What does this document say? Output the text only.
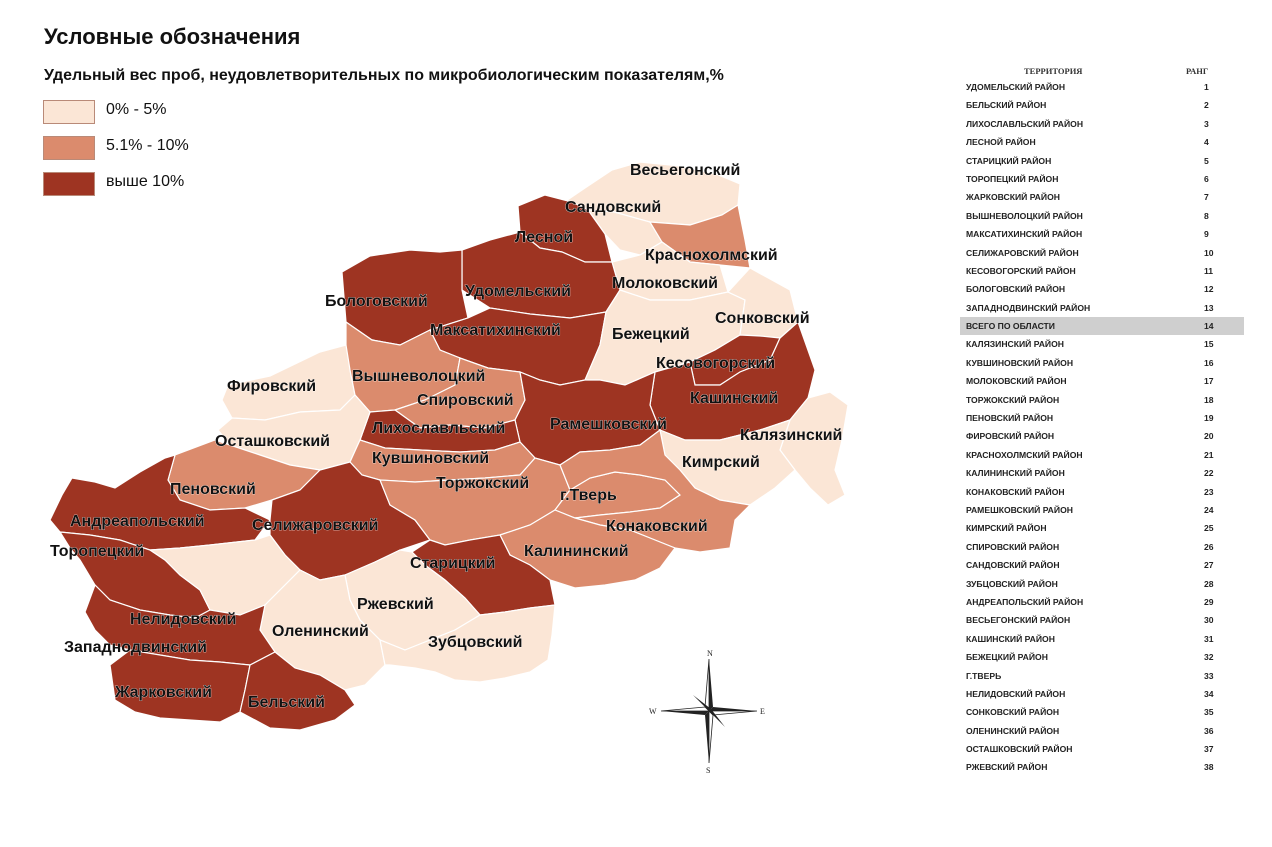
Условные обозначения
Удельный вес проб, неудовлетворительных по микробиологическим показателям,%
0% - 5%
5.1% - 10%
выше 10%
Весьегонский
Сандовский
Лесной
Краснохолмский
Удомельский
Бологовский
Молоковский
Максатихинский	Бежецкий
Сонковский
Кесовогорский
Фировский
Вышневолоцкий
Спировский	Кашинский
Калязинский
Осташковский
Лихославльский	Рамешковский
Кувшиновский	Кимрский
Пеновский	Торжокский
г.Тверь
Андреапольский	Селижаровский	Конаковский
Торопецкий
Старицкий
Калининский
Нелидовский
Ржевский
Оленинский
Западнодвинский	Зубцовский
Жарковский
Бельский
N
S
W	E
ТЕРРИТОРИЯ	РАНГ
УДОМЕЛЬСКИЙ РАЙОН	1
БЕЛЬСКИЙ РАЙОН	2
ЛИХОСЛАВЛЬСКИЙ РАЙОН	3
ЛЕСНОЙ РАЙОН	4
СТАРИЦКИЙ РАЙОН	5
ТОРОПЕЦКИЙ РАЙОН	6
ЖАРКОВСКИЙ РАЙОН	7
ВЫШНЕВОЛОЦКИЙ РАЙОН	8
МАКСАТИХИНСКИЙ РАЙОН	9
СЕЛИЖАРОВСКИЙ РАЙОН	10
КЕСОВОГОРСКИЙ РАЙОН	11
БОЛОГОВСКИЙ РАЙОН	12
ЗАПАДНОДВИНСКИЙ РАЙОН	13
ВСЕГО ПО ОБЛАСТИ	14
КАЛЯЗИНСКИЙ РАЙОН	15
КУВШИНОВСКИЙ РАЙОН	16
МОЛОКОВСКИЙ РАЙОН	17
ТОРЖОКСКИЙ РАЙОН	18
ПЕНОВСКИЙ РАЙОН	19
ФИРОВСКИЙ РАЙОН	20
КРАСНОХОЛМСКИЙ РАЙОН	21
КАЛИНИНСКИЙ РАЙОН	22
КОНАКОВСКИЙ РАЙОН	23
РАМЕШКОВСКИЙ РАЙОН	24
КИМРСКИЙ РАЙОН	25
СПИРОВСКИЙ РАЙОН	26
САНДОВСКИЙ РАЙОН	27
ЗУБЦОВСКИЙ РАЙОН	28
АНДРЕАПОЛЬСКИЙ РАЙОН	29
ВЕСЬЕГОНСКИЙ РАЙОН	30
КАШИНСКИЙ РАЙОН	31
БЕЖЕЦКИЙ РАЙОН	32
Г.ТВЕРЬ	33
НЕЛИДОВСКИЙ РАЙОН	34
СОНКОВСКИЙ РАЙОН	35
ОЛЕНИНСКИЙ РАЙОН	36
ОСТАШКОВСКИЙ РАЙОН	37
РЖЕВСКИЙ РАЙОН	38
